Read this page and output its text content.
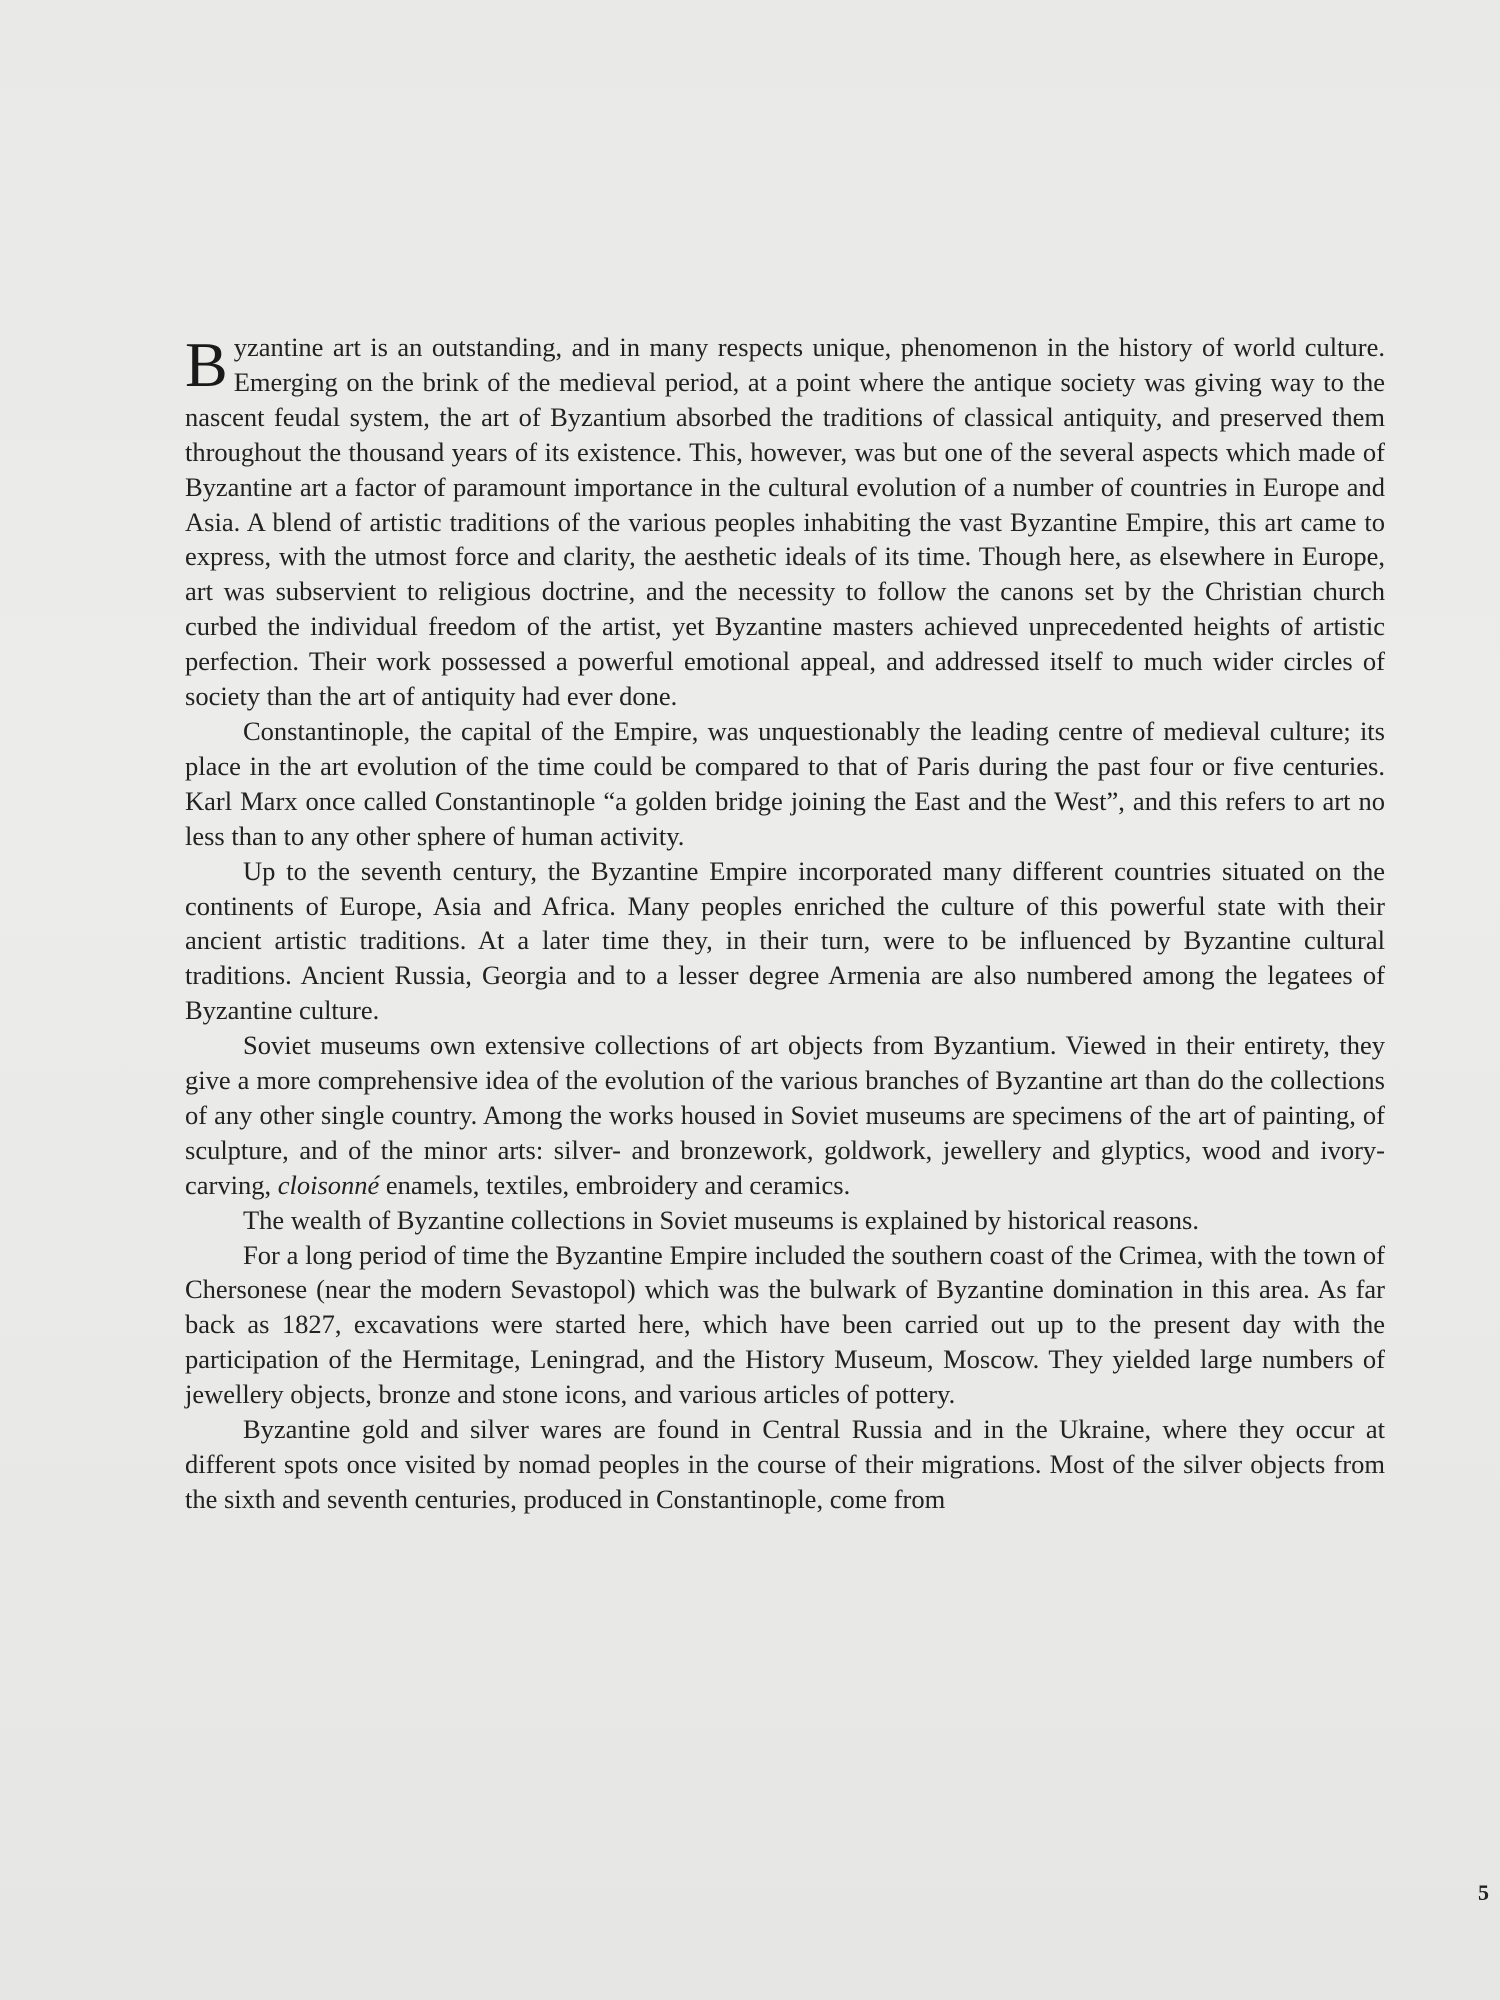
Byzantine art is an outstanding, and in many respects unique, phenomenon in the history of world culture. Emerging on the brink of the medieval period, at a point where the antique society was giving way to the nascent feudal system, the art of Byzantium absorbed the traditions of classical antiquity, and preserved them throughout the thousand years of its existence. This, however, was but one of the several aspects which made of Byzantine art a factor of paramount importance in the cultural evolution of a number of countries in Europe and Asia. A blend of artistic traditions of the various peoples inhabiting the vast Byzantine Empire, this art came to express, with the utmost force and clarity, the aesthetic ideals of its time. Though here, as elsewhere in Europe, art was subservient to religious doctrine, and the necessity to follow the canons set by the Christian church curbed the individual freedom of the artist, yet Byzantine masters achieved unprecedented heights of artistic perfection. Their work possessed a powerful emotional appeal, and addressed itself to much wider circles of society than the art of antiquity had ever done.

Constantinople, the capital of the Empire, was unquestionably the leading centre of medieval culture; its place in the art evolution of the time could be compared to that of Paris during the past four or five centuries. Karl Marx once called Constantinople “a golden bridge joining the East and the West”, and this refers to art no less than to any other sphere of human activity.

Up to the seventh century, the Byzantine Empire incorporated many different countries situated on the continents of Europe, Asia and Africa. Many peoples enriched the culture of this powerful state with their ancient artistic traditions. At a later time they, in their turn, were to be influenced by Byzantine cultural traditions. Ancient Russia, Georgia and to a lesser degree Armenia are also numbered among the legatees of Byzantine culture.

Soviet museums own extensive collections of art objects from Byzantium. Viewed in their entirety, they give a more comprehensive idea of the evolution of the various branches of Byzantine art than do the collections of any other single country. Among the works housed in Soviet museums are specimens of the art of painting, of sculpture, and of the minor arts: silver- and bronzework, goldwork, jewellery and glyptics, wood and ivory-carving, cloisonné enamels, textiles, embroidery and ceramics.

The wealth of Byzantine collections in Soviet museums is explained by historical reasons.

For a long period of time the Byzantine Empire included the southern coast of the Crimea, with the town of Chersonese (near the modern Sevastopol) which was the bulwark of Byzantine domination in this area. As far back as 1827, excavations were started here, which have been carried out up to the present day with the participation of the Hermitage, Leningrad, and the History Museum, Moscow. They yielded large numbers of jewellery objects, bronze and stone icons, and various articles of pottery.

Byzantine gold and silver wares are found in Central Russia and in the Ukraine, where they occur at different spots once visited by nomad peoples in the course of their migrations. Most of the silver objects from the sixth and seventh centuries, produced in Constantinople, come from

5
